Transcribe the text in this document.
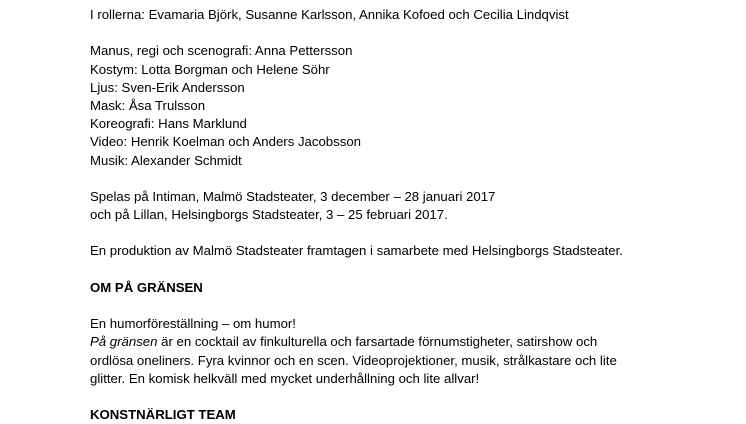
I rollerna: Evamaria Björk, Susanne Karlsson, Annika Kofoed och Cecilia Lindqvist
Manus, regi och scenografi: Anna Pettersson
Kostym: Lotta Borgman och Helene Söhr
Ljus: Sven-Erik Andersson
Mask: Åsa Trulsson
Koreografi: Hans Marklund
Video: Henrik Koelman och Anders Jacobsson
Musik: Alexander Schmidt
Spelas på Intiman, Malmö Stadsteater, 3 december – 28 januari 2017
och på Lillan, Helsingborgs Stadsteater, 3 – 25 februari 2017.
En produktion av Malmö Stadsteater framtagen i samarbete med Helsingborgs Stadsteater.
OM PÅ GRÄNSEN
En humorföreställning – om humor!
På gränsen är en cocktail av finkulturella och farsartade förnumstigheter, satirshow och
ordlösa oneliners. Fyra kvinnor och en scen. Videoprojektioner, musik, strålkastare och lite
glitter. En komisk helkväll med mycket underhållning och lite allvar!
KONSTNÄRLIGT TEAM
